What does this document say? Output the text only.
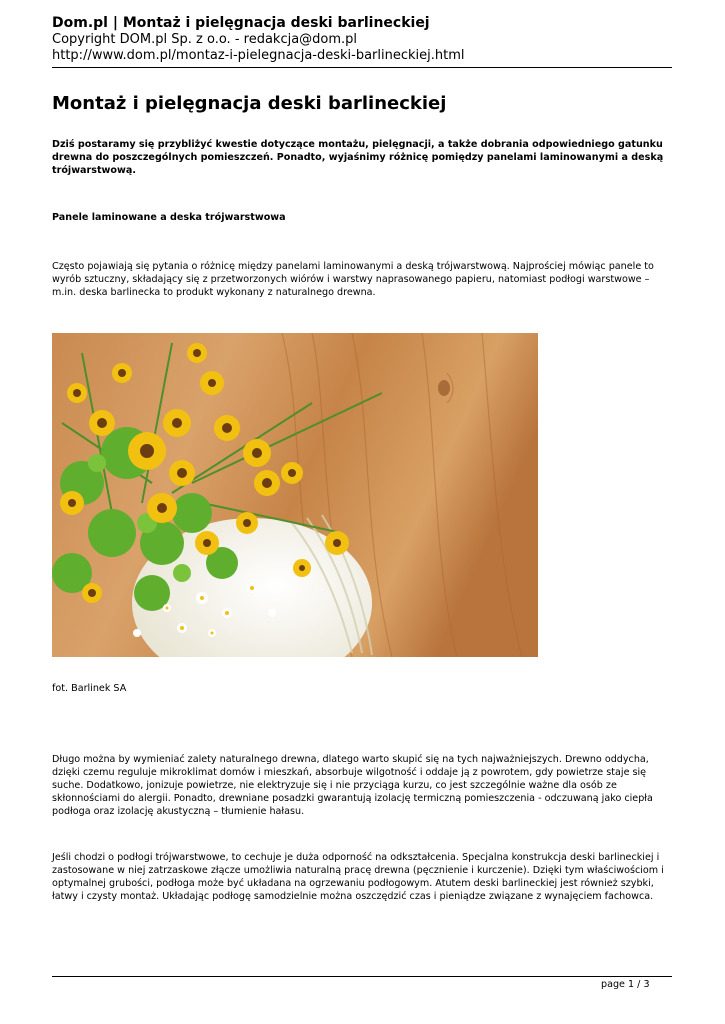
Dom.pl | Montaż i pielęgnacja deski barlineckiej
Copyright DOM.pl Sp. z o.o. - redakcja@dom.pl
http://www.dom.pl/montaz-i-pielegnacja-deski-barlineckiej.html
Montaż i pielęgnacja deski barlineckiej

Dziś postaramy się przybliżyć kwestie dotyczące montażu, pielęgnacji, a także dobrania odpowiedniego gatunku drewna do poszczególnych pomieszczeń. Ponadto, wyjaśnimy różnicę pomiędzy panelami laminowanymi a deską trójwarstwową.

Panele laminowane a deska trójwarstwowa

Często pojawiają się pytania o różnicę między panelami laminowanymi a deską trójwarstwową. Najprościej mówiąc panele to wyrób sztuczny, składający się z przetworzonych wiórów i warstwy naprasowanego papieru, natomiast podłogi warstwowe – m.in. deska barlinecka to produkt wykonany z naturalnego drewna.

fot. Barlinek SA

Długo można by wymieniać zalety naturalnego drewna, dlatego warto skupić się na tych najważniejszych. Drewno oddycha, dzięki czemu reguluje mikroklimat domów i mieszkań, absorbuje wilgotność i oddaje ją z powrotem, gdy powietrze staje się suche. Dodatkowo, jonizuje powietrze, nie elektryzuje się i nie przyciąga kurzu, co jest szczególnie ważne dla osób ze skłonnościami do alergii. Ponadto, drewniane posadzki gwarantują izolację termiczną pomieszczenia - odczuwaną jako ciepła podłoga oraz izolację akustyczną – tłumienie hałasu.

Jeśli chodzi o podłogi trójwarstwowe, to cechuje je duża odporność na odkształcenia. Specjalna konstrukcja deski barlineckiej i zastosowane w niej zatrzaskowe złącze umożliwia naturalną pracę drewna (pęcznienie i kurczenie). Dzięki tym właściwościom i optymalnej grubości, podłoga może być układana na ogrzewaniu podłogowym. Atutem deski barlineckiej jest również szybki, łatwy i czysty montaż. Układając podłogę samodzielnie można oszczędzić czas i pieniądze związane z wynajęciem fachowca.

page 1 / 3
